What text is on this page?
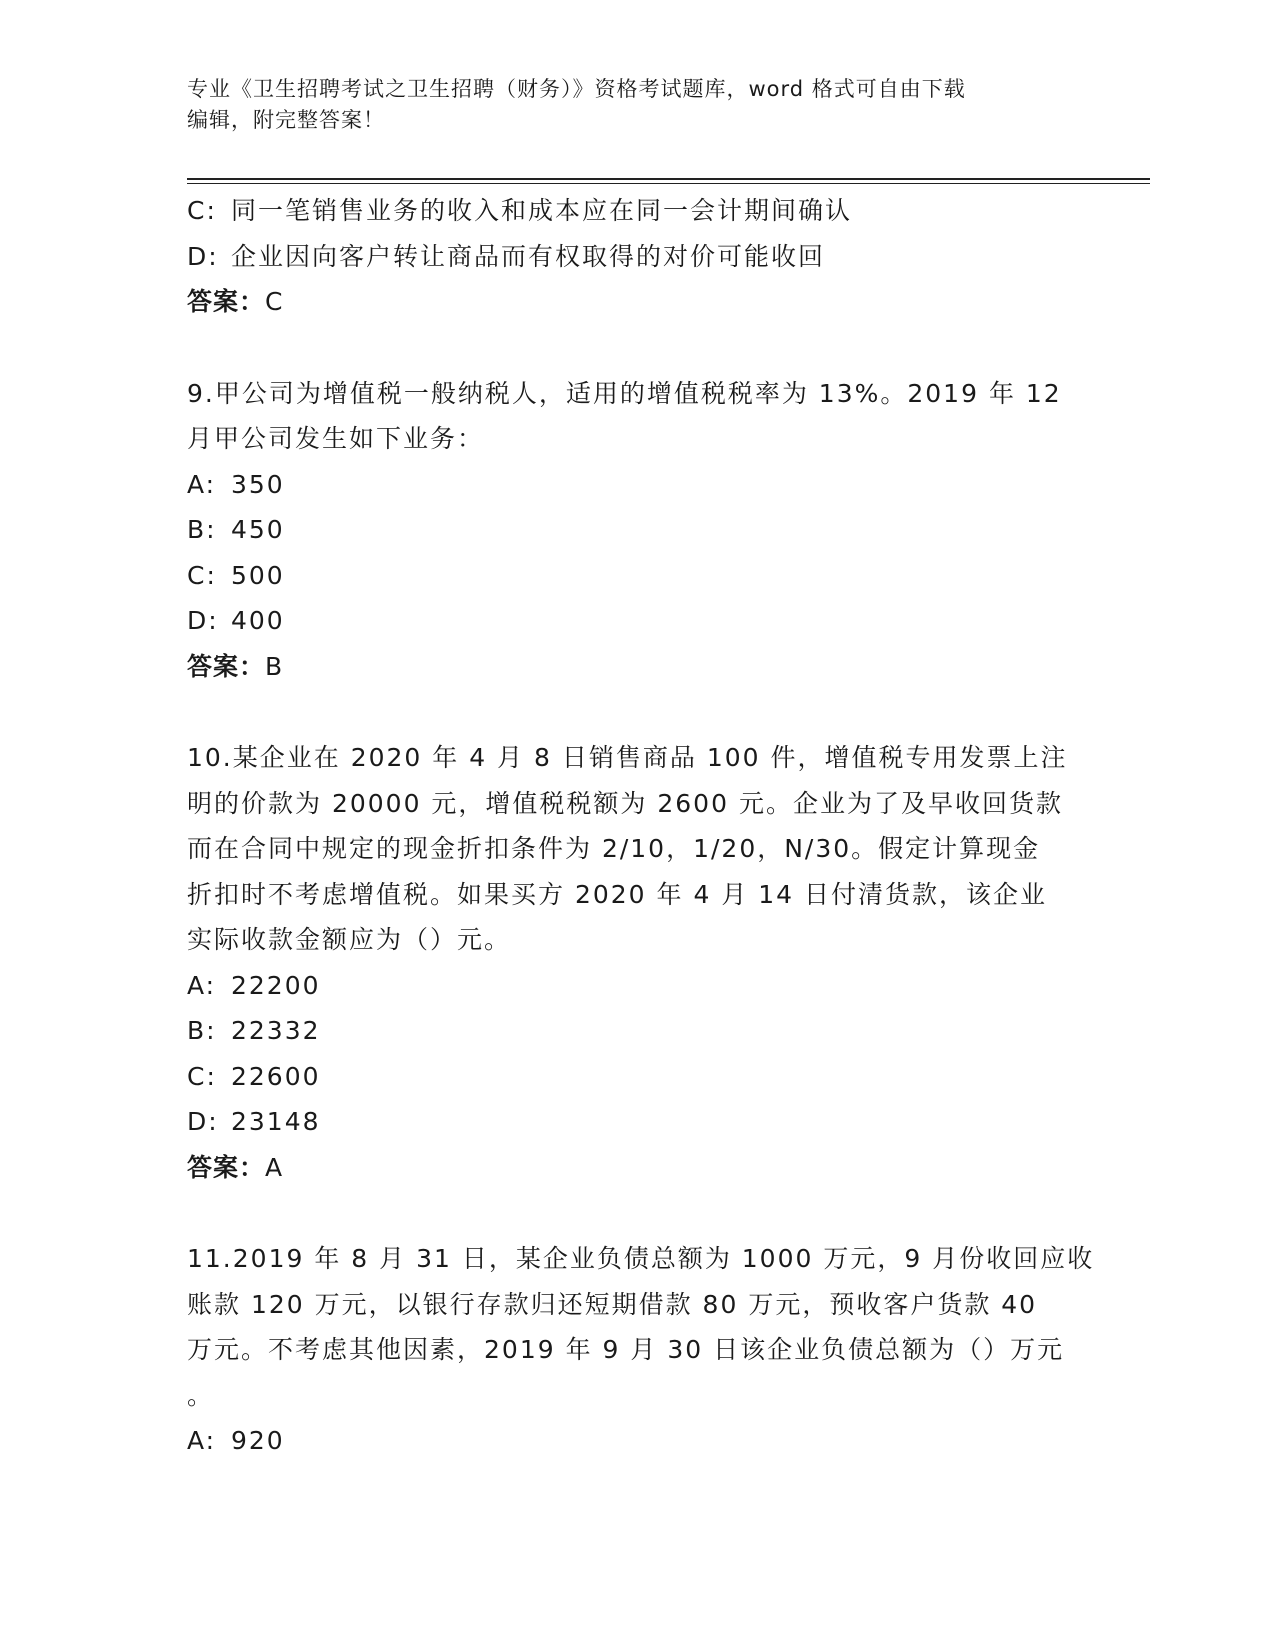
专业《卫生招聘考试之卫生招聘（财务）》资格考试题库，word 格式可自由下载
编辑，附完整答案！
C: 同一笔销售业务的收入和成本应在同一会计期间确认
D: 企业因向客户转让商品而有权取得的对价可能收回
答案：C
9.甲公司为增值税一般纳税人，适用的增值税税率为 13%。2019 年 12
月甲公司发生如下业务：
A: 350
B: 450
C: 500
D: 400
答案：B
10.某企业在 2020 年 4 月 8 日销售商品 100 件，增值税专用发票上注
明的价款为 20000 元，增值税税额为 2600 元。企业为了及早收回货款
而在合同中规定的现金折扣条件为 2/10，1/20，N/30。假定计算现金
折扣时不考虑增值税。如果买方 2020 年 4 月 14 日付清货款，该企业
实际收款金额应为（）元。
A: 22200
B: 22332
C: 22600
D: 23148
答案：A
11.2019 年 8 月 31 日，某企业负债总额为 1000 万元，9 月份收回应收
账款 120 万元，以银行存款归还短期借款 80 万元，预收客户货款 40
万元。不考虑其他因素，2019 年 9 月 30 日该企业负债总额为（）万元
。
A: 920
